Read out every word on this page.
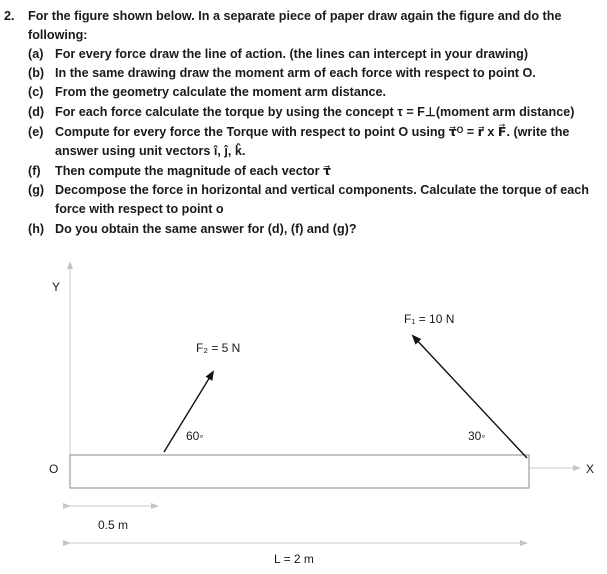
2. For the figure shown below. In a separate piece of paper draw again the figure and do the following:
(a) For every force draw the line of action. (the lines can intercept in your drawing)
(b) In the same drawing draw the moment arm of each force with respect to point O.
(c) From the geometry calculate the moment arm distance.
(d) For each force calculate the torque by using the concept τ = F⊥(moment arm distance)
(e) Compute for every force the Torque with respect to point O using τ⃗ᴼ = r⃗ x F⃗. (write the answer using unit vectors î, ĵ, k̂.
(f)	Then compute the magnitude of each vector τ⃗
(g) Decompose the force in horizontal and vertical components. Calculate the torque of each force with respect to point o
(h) Do you obtain the same answer for (d), (f) and (g)?
Y
X
O
F₂ = 5 N
60◦
F₁ = 10 N
30◦
0.5 m
L = 2 m
